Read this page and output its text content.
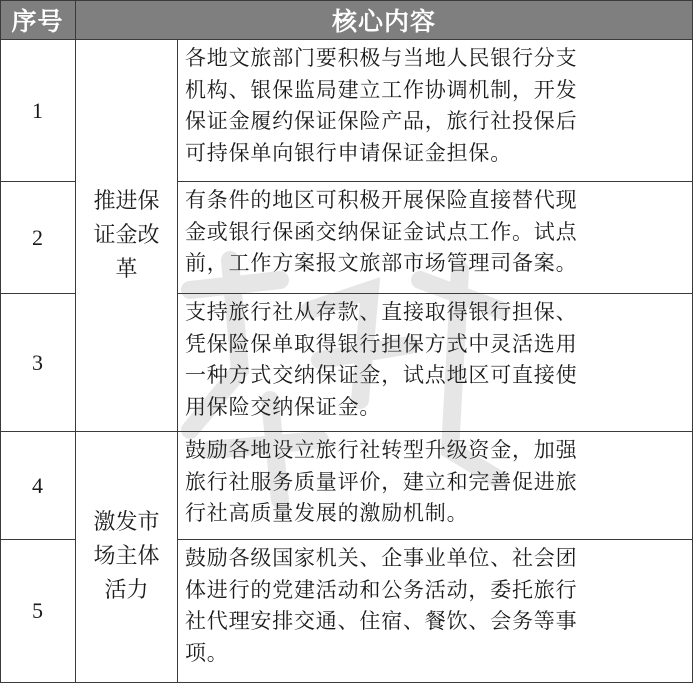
序号	核心内容
1
2
3
4
5
推进保
证金改
革
激发市
场主体
活力
各地文旅部门要积极与当地人民银行分支
机构、银保监局建立工作协调机制，开发
保证金履约保证保险产品，旅行社投保后
可持保单向银行申请保证金担保。
有条件的地区可积极开展保险直接替代现
金或银行保函交纳保证金试点工作。试点
前，工作方案报文旅部市场管理司备案。
支持旅行社从存款、直接取得银行担保、
凭保险保单取得银行担保方式中灵活选用
一种方式交纳保证金，试点地区可直接使
用保险交纳保证金。
鼓励各地设立旅行社转型升级资金，加强
旅行社服务质量评价，建立和完善促进旅
行社高质量发展的激励机制。
鼓励各级国家机关、企事业单位、社会团
体进行的党建活动和公务活动，委托旅行
社代理安排交通、住宿、餐饮、会务等事
项。
